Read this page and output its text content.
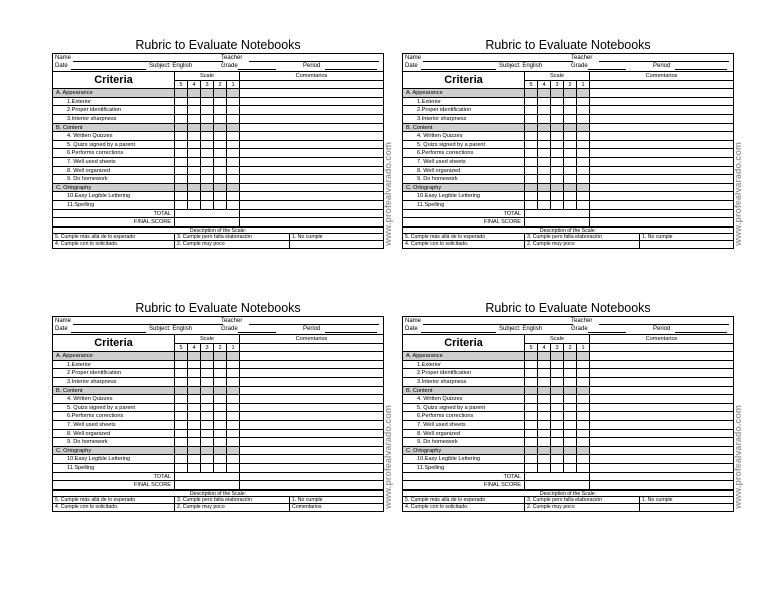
Rubric to Evaluate Notebooks
Name	Teacher
Date	Subject: English	Grade	Period
Criteria	Scale	Comentarios
5	4	3	2	1
A. Appearance
1.Exterior
2.Proper identification
3.Interior sharpness
B. Content
4. Written Quizzes
5. Quizs signed by a parent
6.Performs corrections
7. Well used sheets
8. Well organized
9. Do homework
C. Ortography
10.Easy Legible Lettering
11.Spelling
TOTAL
FINAL SCORE
Description of the Scale:
5. Cumple más allá de lo esperado	3. Cumple pero falta elaboración	1. No cumple
4. Cumple con lo solicitado.	2. Cumple muy poco	www.profealvarado.com
Rubric to Evaluate Notebooks
Name	Teacher
Date	Subject: English	Grade	Period
Criteria	Scale	Comentarios
5	4	3	2	1
A. Appearance
1.Exterior
2.Proper identification
3.Interior sharpness
B. Content
4. Written Quizzes
5. Quizs signed by a parent
6.Performs corrections
7. Well used sheets
8. Well organized
9. Do homework
C. Ortography
10.Easy Legible Lettering
11.Spelling
TOTAL
FINAL SCORE
Description of the Scale:
5. Cumple más allá de lo esperado	3. Cumple pero falta elaboración	1. No cumple
4. Cumple con lo solicitado.	2. Cumple muy poco	www.profealvarado.com
Rubric to Evaluate Notebooks
Name	Teacher
Date	Subject: English	Grade	Period
Criteria	Scale	Comentarios
5	4	3	2	1
A. Appearance
1.Exterior
2.Proper identification
3.Interior sharpness
B. Content
4. Written Quizzes
5. Quizs signed by a parent
6.Performs corrections
7. Well used sheets
8. Well organized
9. Do homework
C. Ortography
10.Easy Legible Lettering
11.Spelling
TOTAL
FINAL SCORE
Description of the Scale:
5. Cumple más allá de lo esperado	3. Cumple pero falta elaboración	1. No cumple
4. Cumple con lo solicitado.	2. Cumple muy poco	Comentarios	www.profealvarado.com
Rubric to Evaluate Notebooks
Name	Teacher
Date	Subject: English	Grade	Period
Criteria	Scale	Comentarios
5	4	3	2	1
A. Appearance
1.Exterior
2.Proper identification
3.Interior sharpness
B. Content
4. Written Quizzes
5. Quizs signed by a parent
6.Performs corrections
7. Well used sheets
8. Well organized
9. Do homework
C. Ortography
10.Easy Legible Lettering
11.Spelling
TOTAL
FINAL SCORE
Description of the Scale:
5. Cumple más allá de lo esperado	3. Cumple pero falta elaboración	1. No cumple
4. Cumple con lo solicitado.	2. Cumple muy poco	www.profealvarado.com
